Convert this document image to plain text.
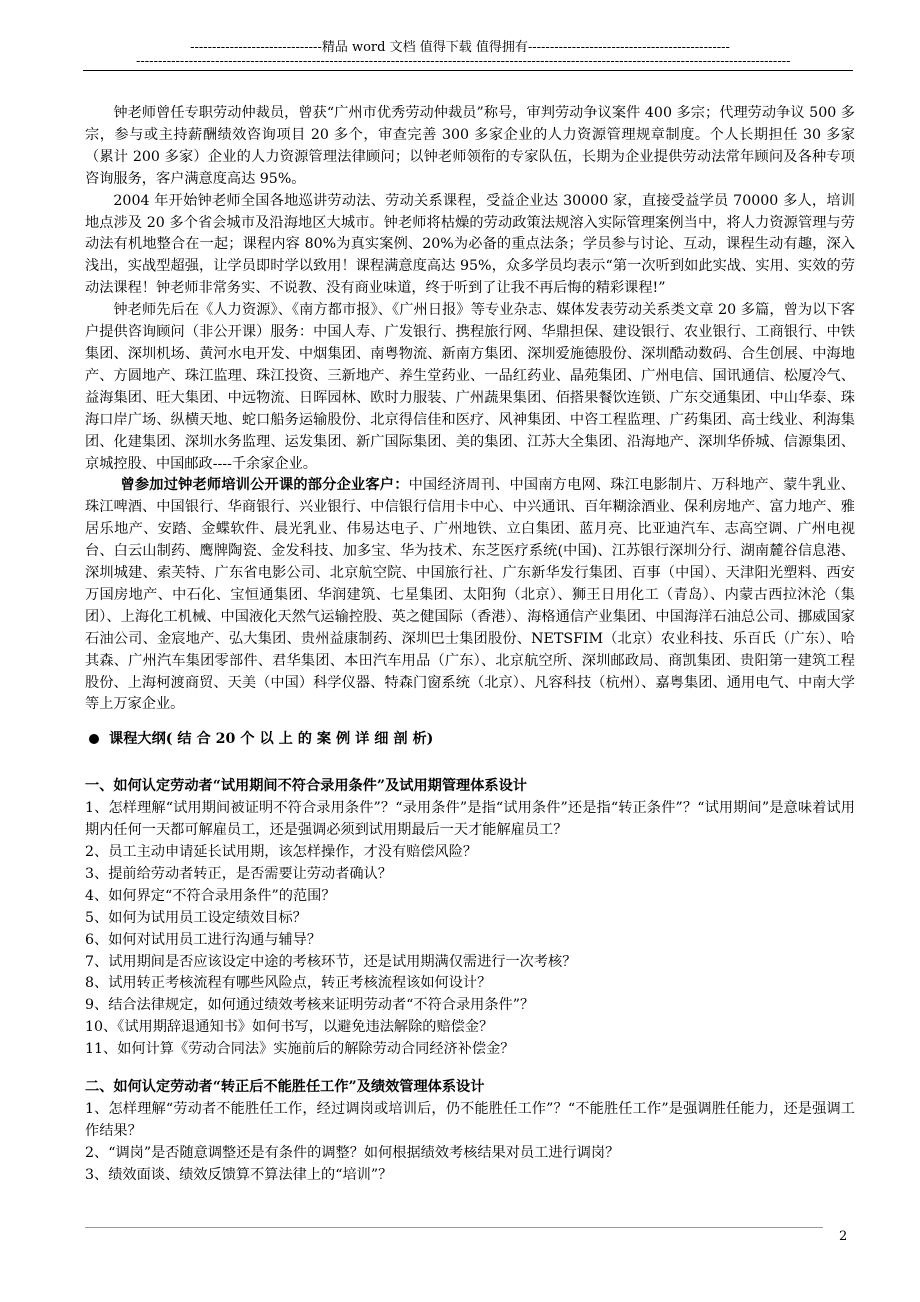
------------------------------精品 word 文档 值得下载 值得拥有----------------------------------------------
-----------------------------------------------------------------------------------------------------------------------------------------------------

钟老师曾任专职劳动仲裁员，曾获“广州市优秀劳动仲裁员”称号，审判劳动争议案件 400 多宗；代理劳动争议 500 多宗，参与或主持薪酬绩效咨询项目 20 多个，审查完善 300 多家企业的人力资源管理规章制度。个人长期担任 30 多家（累计 200 多家）企业的人力资源管理法律顾问；以钟老师领衔的专家队伍，长期为企业提供劳动法常年顾问及各种专项咨询服务，客户满意度高达 95%。

2004 年开始钟老师全国各地巡讲劳动法、劳动关系课程，受益企业达 30000 家，直接受益学员 70000 多人，培训地点涉及 20 多个省会城市及沿海地区大城市。钟老师将枯燥的劳动政策法规溶入实际管理案例当中，将人力资源管理与劳动法有机地整合在一起；课程内容 80%为真实案例、20%为必备的重点法条；学员参与讨论、互动，课程生动有趣，深入浅出，实战型超强，让学员即时学以致用！课程满意度高达 95%，众多学员均表示“第一次听到如此实战、实用、实效的劳动法课程！钟老师非常务实、不说教、没有商业味道，终于听到了让我不再后悔的精彩课程!”

钟老师先后在《人力资源》、《南方都市报》、《广州日报》等专业杂志、媒体发表劳动关系类文章 20 多篇，曾为以下客户提供咨询顾问（非公开课）服务：中国人寿、广发银行、携程旅行网、华鼎担保、建设银行、农业银行、工商银行、中铁集团、深圳机场、黄河水电开发、中烟集团、南粤物流、新南方集团、深圳爱施德股份、深圳酷动数码、合生创展、中海地产、方圆地产、珠江监理、珠江投资、三新地产、养生堂药业、一品红药业、晶苑集团、广州电信、国讯通信、松厦冷气、益海集团、旺大集团、中远物流、日晖园林、欧时力服装、广州蔬果集团、佰搭果餐饮连锁、广东交通集团、中山华泰、珠海口岸广场、纵横天地、蛇口船务运输股份、北京得信佳和医疗、风神集团、中咨工程监理、广药集团、高士线业、利海集团、化建集团、深圳水务监理、运发集团、新广国际集团、美的集团、江苏大全集团、沿海地产、深圳华侨城、信源集团、京城控股、中国邮政----千余家企业。

曾参加过钟老师培训公开课的部分企业客户：中国经济周刊、中国南方电网、珠江电影制片、万科地产、蒙牛乳业、珠江啤酒、中国银行、华商银行、兴业银行、中信银行信用卡中心、中兴通讯、百年糊涂酒业、保利房地产、富力地产、雅居乐地产、安踏、金蝶软件、晨光乳业、伟易达电子、广州地铁、立白集团、蓝月亮、比亚迪汽车、志高空调、广州电视台、白云山制药、鹰牌陶瓷、金发科技、加多宝、华为技术、东芝医疗系统(中国)、江苏银行深圳分行、湖南麓谷信息港、深圳城建、索芙特、广东省电影公司、北京航空院、中国旅行社、广东新华发行集团、百事（中国）、天津阳光塑料、西安万国房地产、中石化、宝恒通集团、华润建筑、七星集团、太阳狗（北京）、狮王日用化工（青岛）、内蒙古西拉沐沦（集团）、上海化工机械、中国液化天然气运输控股、英之健国际（香港）、海格通信产业集团、中国海洋石油总公司、挪威国家石油公司、金宸地产、弘大集团、贵州益康制药、深圳巴士集团股份、NETSFIM（北京）农业科技、乐百氏（广东）、哈其森、广州汽车集团零部件、君华集团、本田汽车用品（广东）、北京航空所、深圳邮政局、商凯集团、贵阳第一建筑工程股份、上海柯渡商贸、天美（中国）科学仪器、特森门窗系统（北京）、凡容科技（杭州）、嘉粤集团、通用电气、中南大学等上万家企业。

课程大纲( 结 合 20 个 以 上 的 案 例 详 细 剖 析)

一、如何认定劳动者“试用期间不符合录用条件”及试用期管理体系设计

1、怎样理解“试用期间被证明不符合录用条件”？“录用条件”是指“试用条件”还是指“转正条件”？“试用期间”是意味着试用期内任何一天都可解雇员工，还是强调必须到试用期最后一天才能解雇员工？

2、员工主动申请延长试用期，该怎样操作，才没有赔偿风险？

3、提前给劳动者转正，是否需要让劳动者确认？

4、如何界定“不符合录用条件”的范围？

5、如何为试用员工设定绩效目标？

6、如何对试用员工进行沟通与辅导？

7、试用期间是否应该设定中途的考核环节，还是试用期满仅需进行一次考核？

8、试用转正考核流程有哪些风险点，转正考核流程该如何设计？

9、结合法律规定，如何通过绩效考核来证明劳动者“不符合录用条件”？

10、《试用期辞退通知书》如何书写，以避免违法解除的赔偿金？

11、如何计算《劳动合同法》实施前后的解除劳动合同经济补偿金？

二、如何认定劳动者“转正后不能胜任工作”及绩效管理体系设计

1、怎样理解“劳动者不能胜任工作，经过调岗或培训后，仍不能胜任工作”？“不能胜任工作”是强调胜任能力，还是强调工作结果？

2、“调岗”是否随意调整还是有条件的调整？如何根据绩效考核结果对员工进行调岗？

3、绩效面谈、绩效反馈算不算法律上的“培训”？

2
